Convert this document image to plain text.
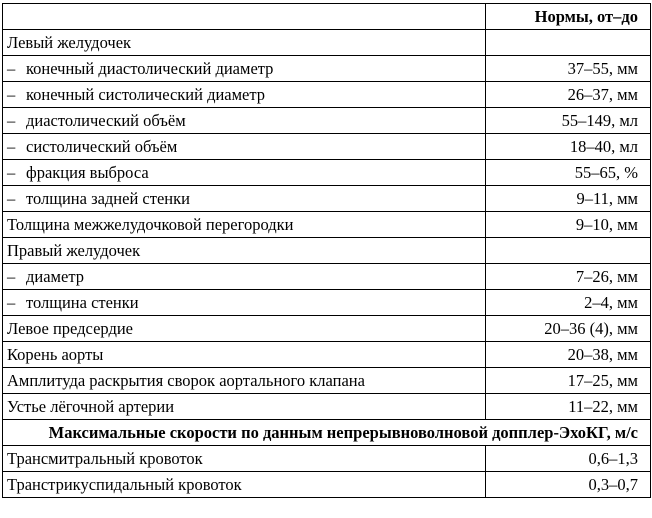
	Нормы, от–до
Левый желудочек	
– конечный диастолический диаметр	37–55, мм
– конечный систолический диаметр	26–37, мм
– диастолический объём	55–149, мл
– систолический объём	18–40, мл
– фракция выброса	55–65, %
– толщина задней стенки	9–11, мм
Толщина межжелудочковой перегородки	9–10, мм
Правый желудочек	
– диаметр	7–26, мм
– толщина стенки	2–4, мм
Левое предсердие	20–36 (4), мм
Корень аорты	20–38, мм
Амплитуда раскрытия сворок аортального клапана	17–25, мм
Устье лёгочной артерии	11–22, мм
Максимальные скорости по данным непрерывноволновой допплер-ЭхоКГ, м/с	
Трансмитральный кровоток	0,6–1,3
Транстрикуспидальный кровоток	0,3–0,7
